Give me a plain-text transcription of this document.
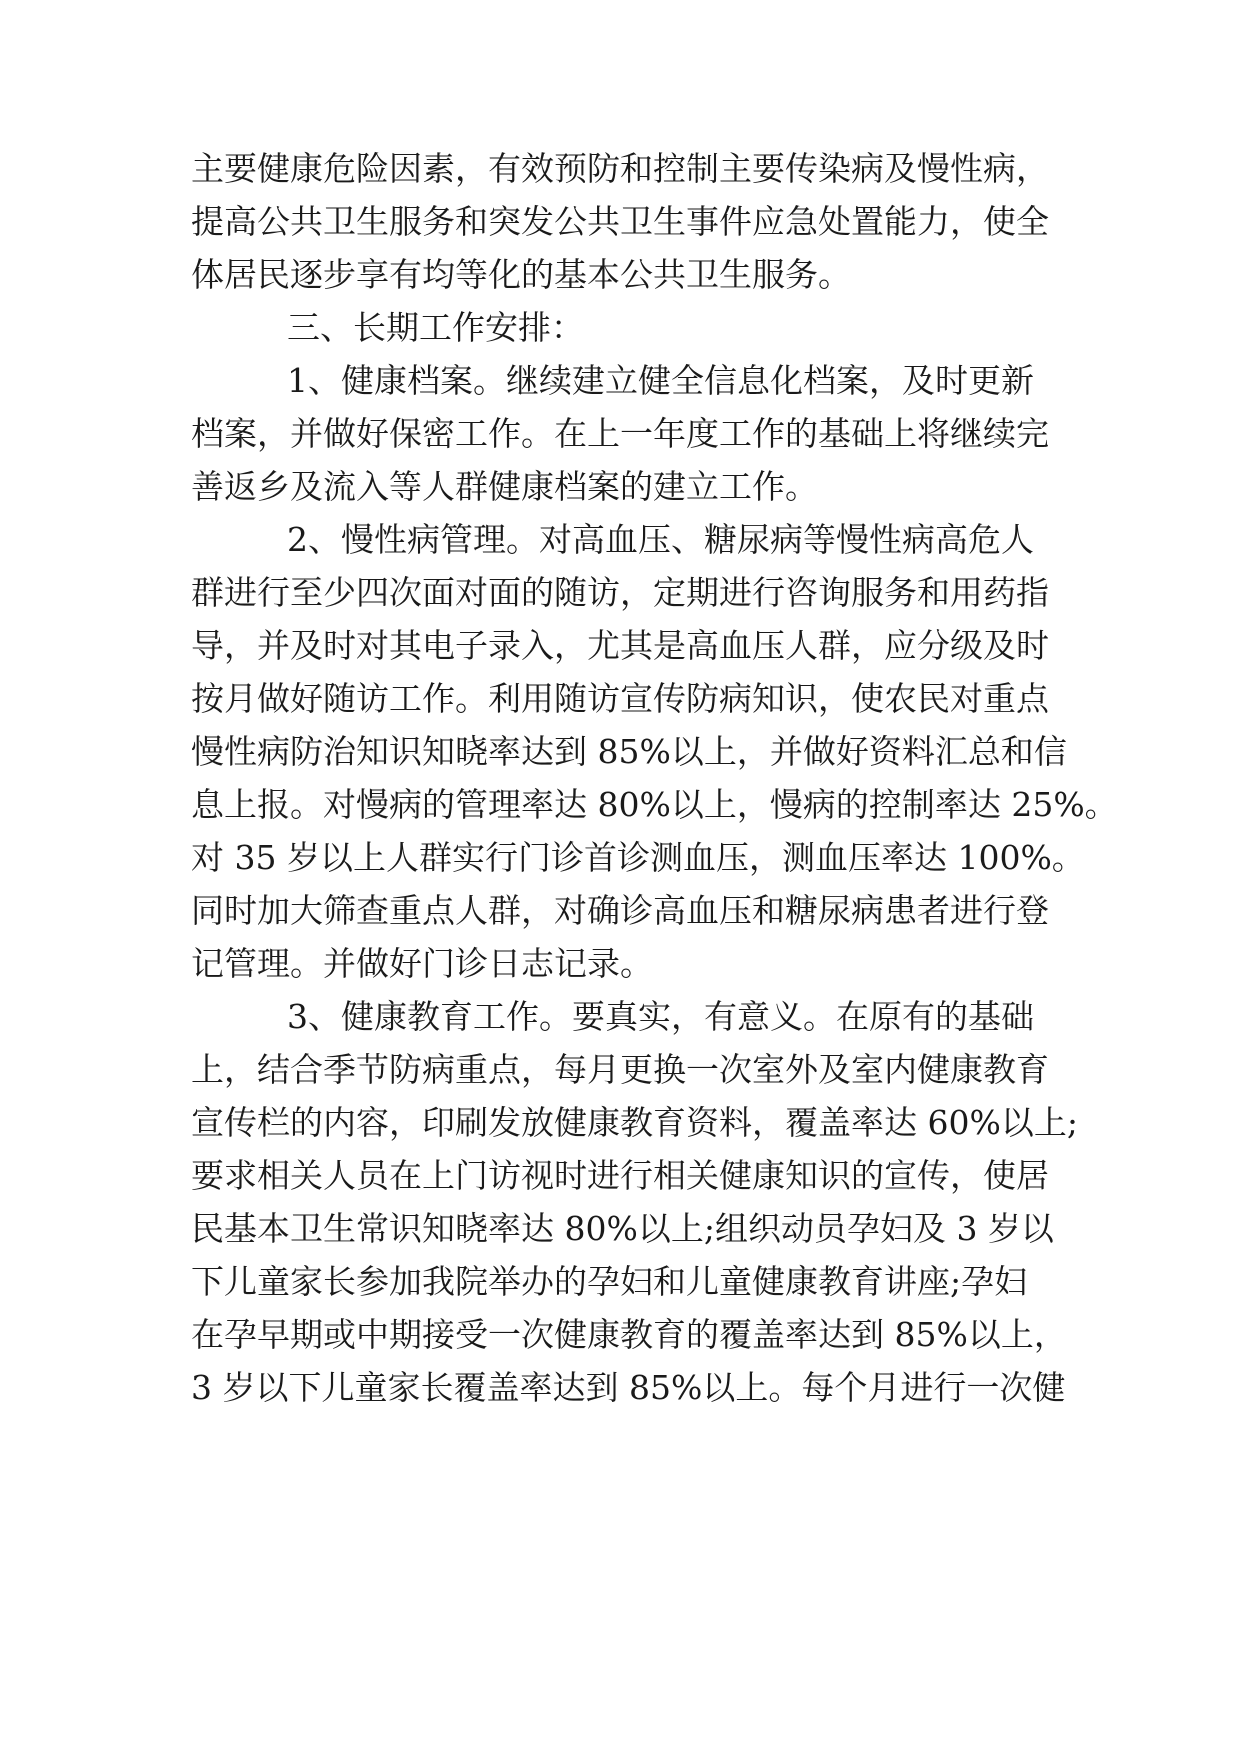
主要健康危险因素，有效预防和控制主要传染病及慢性病，
提高公共卫生服务和突发公共卫生事件应急处置能力，使全
体居民逐步享有均等化的基本公共卫生服务。
三、长期工作安排：
1、健康档案。继续建立健全信息化档案，及时更新
档案，并做好保密工作。在上一年度工作的基础上将继续完
善返乡及流入等人群健康档案的建立工作。
2、慢性病管理。对高血压、糖尿病等慢性病高危人
群进行至少四次面对面的随访，定期进行咨询服务和用药指
导，并及时对其电子录入，尤其是高血压人群，应分级及时
按月做好随访工作。利用随访宣传防病知识，使农民对重点
慢性病防治知识知晓率达到 85%以上，并做好资料汇总和信
息上报。对慢病的管理率达 80%以上，慢病的控制率达 25%。
对 35 岁以上人群实行门诊首诊测血压，测血压率达 100%。
同时加大筛查重点人群，对确诊高血压和糖尿病患者进行登
记管理。并做好门诊日志记录。
3、健康教育工作。要真实，有意义。在原有的基础
上，结合季节防病重点，每月更换一次室外及室内健康教育
宣传栏的内容，印刷发放健康教育资料，覆盖率达 60%以上;
要求相关人员在上门访视时进行相关健康知识的宣传，使居
民基本卫生常识知晓率达 80%以上;组织动员孕妇及 3 岁以
下儿童家长参加我院举办的孕妇和儿童健康教育讲座;孕妇
在孕早期或中期接受一次健康教育的覆盖率达到 85%以上，
3 岁以下儿童家长覆盖率达到 85%以上。每个月进行一次健
